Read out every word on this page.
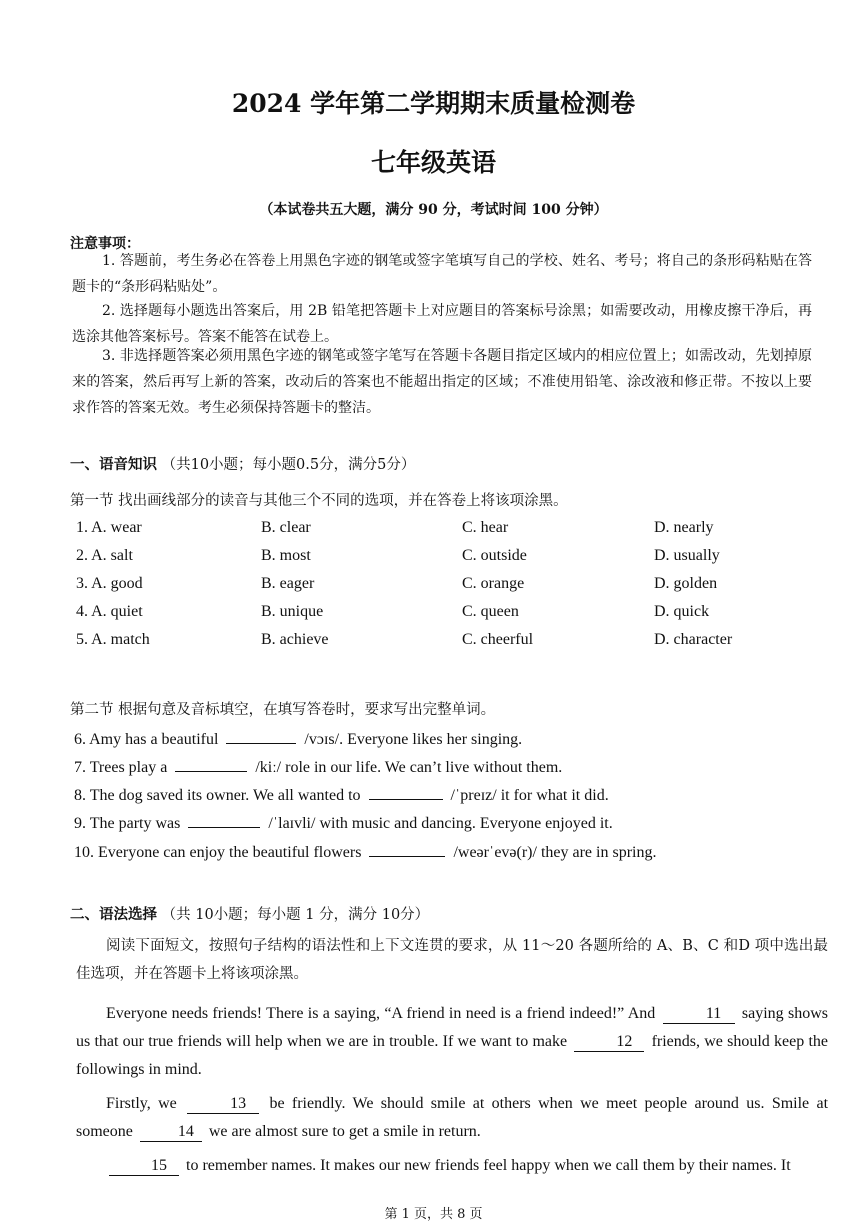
2024 学年第二学期期末质量检测卷
七年级英语
（本试卷共五大题，满分 90 分，考试时间 100 分钟）
注意事项：
1. 答题前，考生务必在答卷上用黑色字迹的钢笔或签字笔填写自己的学校、姓名、考号；将自己的条形码粘贴在答题卡的“条形码粘贴处”。
2. 选择题每小题选出答案后，用 2B 铅笔把答题卡上对应题目的答案标号涂黑；如需要改动，用橡皮擦干净后，再选涂其他答案标号。答案不能答在试卷上。
3. 非选择题答案必须用黑色字迹的钢笔或签字笔写在答题卡各题目指定区域内的相应位置上；如需改动，先划掉原来的答案，然后再写上新的答案，改动后的答案也不能超出指定的区域；不准使用铅笔、涂改液和修正带。不按以上要求作答的答案无效。考生必须保持答题卡的整洁。
一、语音知识 （共10小题；每小题0.5分，满分5分）
第一节 找出画线部分的读音与其他三个不同的选项，并在答卷上将该项涂黑。
1. A. wear	B. clear	C. hear	D. nearly
2. A. salt	B. most	C. outside	D. usually
3. A. good	B. eager	C. orange	D. golden
4. A. quiet	B. unique	C. queen	D. quick
5. A. match	B. achieve	C. cheerful	D. character
第二节 根据句意及音标填空，在填写答卷时，要求写出完整单词。
6. Amy has a beautiful	/vɔɪs/. Everyone likes her singing.
7. Trees play a	/kiː/ role in our life. We can’t live without them.
8. The dog saved its owner. We all wanted to	/ˈpreɪz/ it for what it did.
9. The party was	/ˈlaɪvli/ with music and dancing. Everyone enjoyed it.
10. Everyone can enjoy the beautiful flowers	/weərˈevə(r)/ they are in spring.
二、语法选择 （共 10小题；每小题 1 分，满分 10分）
阅读下面短文，按照句子结构的语法性和上下文连贯的要求，从 11～20 各题所给的 A、B、C 和D 项中选出最佳选项，并在答题卡上将该项涂黑。
Everyone needs friends! There is a saying, “A friend in need is a friend indeed!” And	11 saying shows us that our true friends will help when we are in trouble. If we want to make	12 friends, we should keep the followings in mind.
Firstly, we	13 be friendly. We should smile at others when we meet people around us. Smile at someone	14 we are almost sure to get a smile in return.
15 to remember names. It makes our new friends feel happy when we call them by their names. It
第 1 页，共 8 页
